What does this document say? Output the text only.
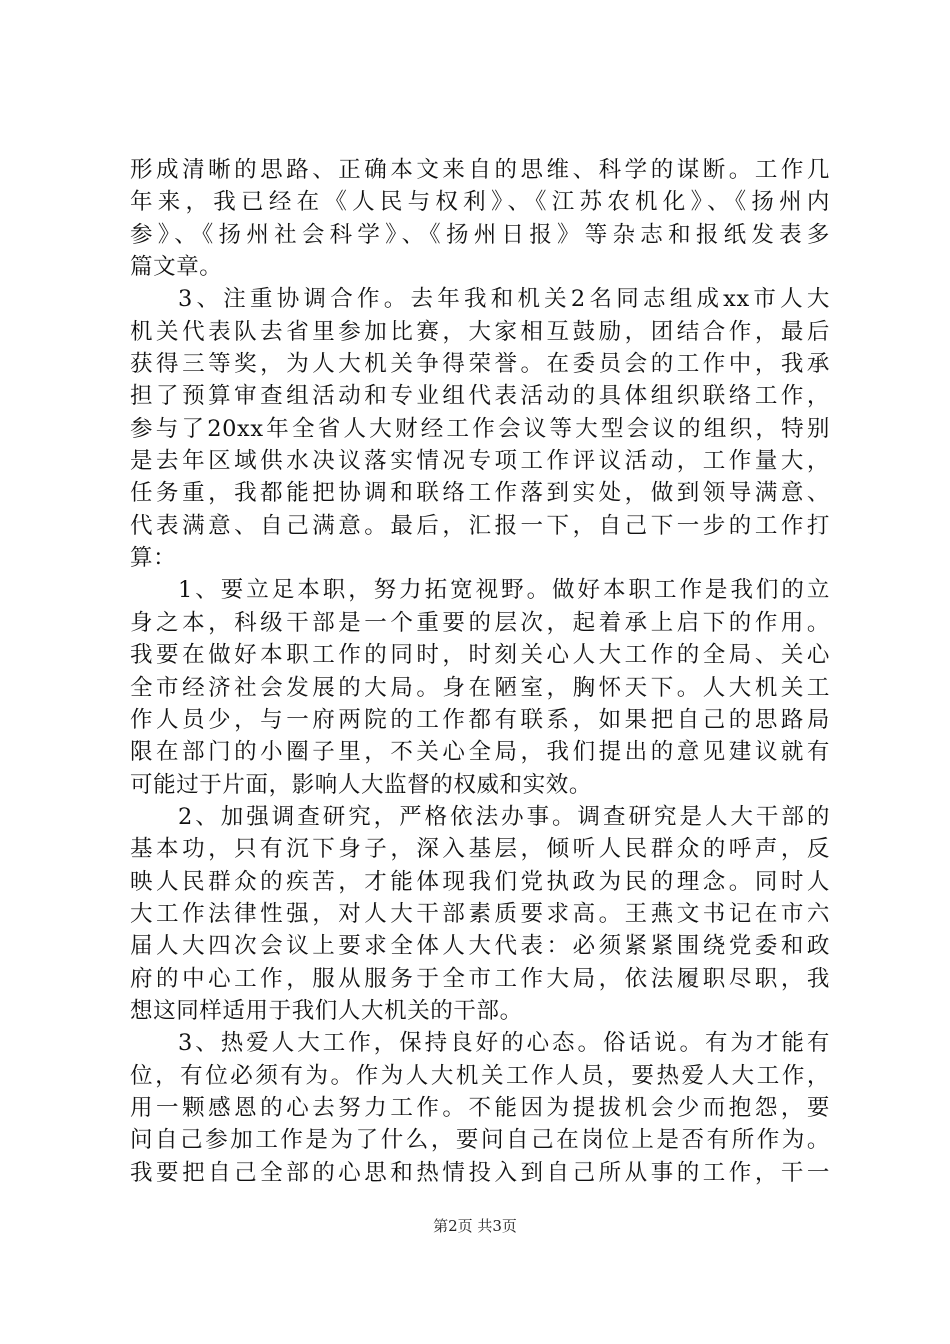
形成清晰的思路、正确本文来自的思维、科学的谋断。工作几
年来，我已经在《人民与权利》、《江苏农机化》、《扬州内
参》、《扬州社会科学》、《扬州日报》等杂志和报纸发表多
篇文章。
3、注重协调合作。去年我和机关2名同志组成xx市人大
机关代表队去省里参加比赛，大家相互鼓励，团结合作，最后
获得三等奖，为人大机关争得荣誉。在委员会的工作中，我承
担了预算审查组活动和专业组代表活动的具体组织联络工作，
参与了20xx年全省人大财经工作会议等大型会议的组织，特别
是去年区域供水决议落实情况专项工作评议活动，工作量大，
任务重，我都能把协调和联络工作落到实处，做到领导满意、
代表满意、自己满意。最后，汇报一下，自己下一步的工作打
算：
1、要立足本职，努力拓宽视野。做好本职工作是我们的立
身之本，科级干部是一个重要的层次，起着承上启下的作用。
我要在做好本职工作的同时，时刻关心人大工作的全局、关心
全市经济社会发展的大局。身在陋室，胸怀天下。人大机关工
作人员少，与一府两院的工作都有联系，如果把自己的思路局
限在部门的小圈子里，不关心全局，我们提出的意见建议就有
可能过于片面，影响人大监督的权威和实效。
2、加强调查研究，严格依法办事。调查研究是人大干部的
基本功，只有沉下身子，深入基层，倾听人民群众的呼声，反
映人民群众的疾苦，才能体现我们党执政为民的理念。同时人
大工作法律性强，对人大干部素质要求高。王燕文书记在市六
届人大四次会议上要求全体人大代表：必须紧紧围绕党委和政
府的中心工作，服从服务于全市工作大局，依法履职尽职，我
想这同样适用于我们人大机关的干部。
3、热爱人大工作，保持良好的心态。俗话说。有为才能有
位，有位必须有为。作为人大机关工作人员，要热爱人大工作，
用一颗感恩的心去努力工作。不能因为提拔机会少而抱怨，要
问自己参加工作是为了什么，要问自己在岗位上是否有所作为。
我要把自己全部的心思和热情投入到自己所从事的工作，干一
第2页 共3页
